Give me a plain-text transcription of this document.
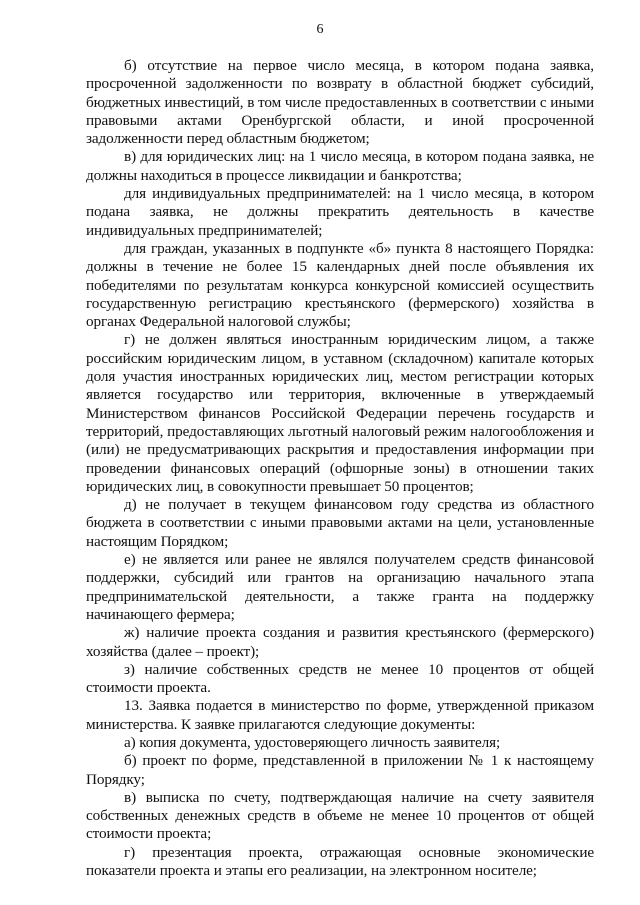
6

б) отсутствие на первое число месяца, в котором подана заявка, просроченной задолженности по возврату в областной бюджет субсидий, бюджетных инвестиций, в том числе предоставленных в соответствии с иными правовыми актами Оренбургской области, и иной просроченной задолженности перед областным бюджетом;

в) для юридических лиц: на 1 число месяца, в котором подана заявка, не должны находиться в процессе ликвидации и банкротства;

для индивидуальных предпринимателей: на 1 число месяца, в котором подана заявка, не должны прекратить деятельность в качестве индивидуальных предпринимателей;

для граждан, указанных в подпункте «б» пункта 8 настоящего Порядка: должны в течение не более 15 календарных дней после объявления их победителями по результатам конкурса конкурсной комиссией осуществить государственную регистрацию крестьянского (фермерского) хозяйства в органах Федеральной налоговой службы;

г) не должен являться иностранным юридическим лицом, а также российским юридическим лицом, в уставном (складочном) капитале которых доля участия иностранных юридических лиц, местом регистрации которых является государство или территория, включенные в утверждаемый Министерством финансов Российской Федерации перечень государств и территорий, предоставляющих льготный налоговый режим налогообложения и (или) не предусматривающих раскрытия и предоставления информации при проведении финансовых операций (офшорные зоны) в отношении таких юридических лиц, в совокупности превышает 50 процентов;

д) не получает в текущем финансовом году средства из областного бюджета в соответствии с иными правовыми актами на цели, установленные настоящим Порядком;

е) не является или ранее не являлся получателем средств финансовой поддержки, субсидий или грантов на организацию начального этапа предпринимательской деятельности, а также гранта на поддержку начинающего фермера;

ж) наличие проекта создания и развития крестьянского (фермерского) хозяйства (далее – проект);

з) наличие собственных средств не менее 10 процентов от общей стоимости проекта.

13. Заявка подается в министерство по форме, утвержденной приказом министерства. К заявке прилагаются следующие документы:

а) копия документа, удостоверяющего личность заявителя;

б) проект по форме, представленной в приложении № 1 к настоящему Порядку;

в) выписка по счету, подтверждающая наличие на счету заявителя собственных денежных средств в объеме не менее 10 процентов от общей стоимости проекта;

г) презентация проекта, отражающая основные экономические показатели проекта и этапы его реализации, на электронном носителе;
